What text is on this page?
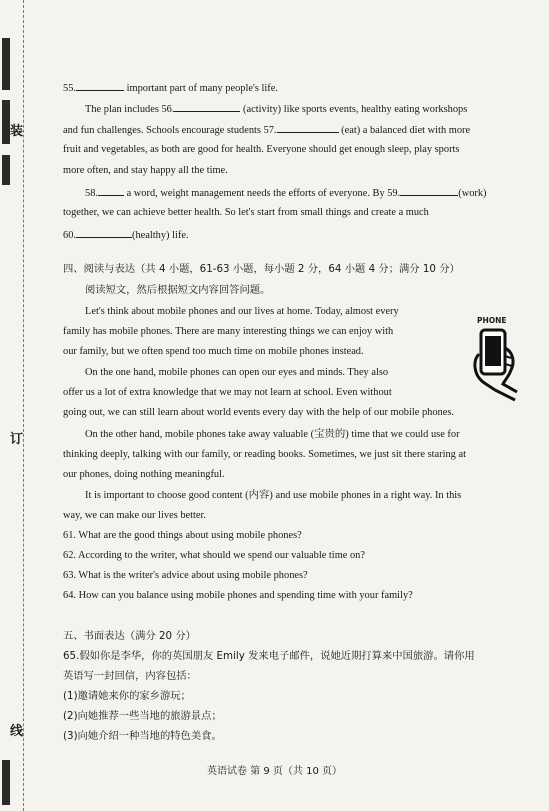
装
订
线
55.	important part of many people's life.
The plan includes 56.	(activity) like sports events, healthy eating workshops
and fun challenges. Schools encourage students 57.	(eat) a balanced diet with more
fruit and vegetables, as both are good for health. Everyone should get enough sleep, play sports
more often, and stay happy all the time.
58.	a word, weight management needs the efforts of everyone. By 59.	(work)
together, we can achieve better health. So let's start from small things and create a much
60.	(healthy) life.
四、阅读与表达（共 4 小题，61-63 小题，每小题 2 分，64 小题 4 分；满分 10 分）
阅读短文，然后根据短文内容回答问题。
Let's think about mobile phones and our lives at home. Today, almost every
family has mobile phones. There are many interesting things we can enjoy with
our family, but we often spend too much time on mobile phones instead.
On the one hand, mobile phones can open our eyes and minds. They also
offer us a lot of extra knowledge that we may not learn at school. Even without
going out, we can still learn about world events every day with the help of our mobile phones.
On the other hand, mobile phones take away valuable (宝贵的) time that we could use for
thinking deeply, talking with our family, or reading books. Sometimes, we just sit there staring at
our phones, doing nothing meaningful.
It is important to choose good content (内容) and use mobile phones in a right way. In this
way, we can make our lives better.
61. What are the good things about using mobile phones?
62. According to the writer, what should we spend our valuable time on?
63. What is the writer's advice about using mobile phones?
64. How can you balance using mobile phones and spending time with your family?
五、书面表达（满分 20 分）
65.假如你是李华，你的英国朋友 Emily 发来电子邮件，说她近期打算来中国旅游。请你用
英语写一封回信，内容包括：
(1)邀请她来你的家乡游玩；
(2)向她推荐一些当地的旅游景点；
(3)向她介绍一种当地的特色美食。
PHONE
英语试卷 第 9 页（共 10 页）
